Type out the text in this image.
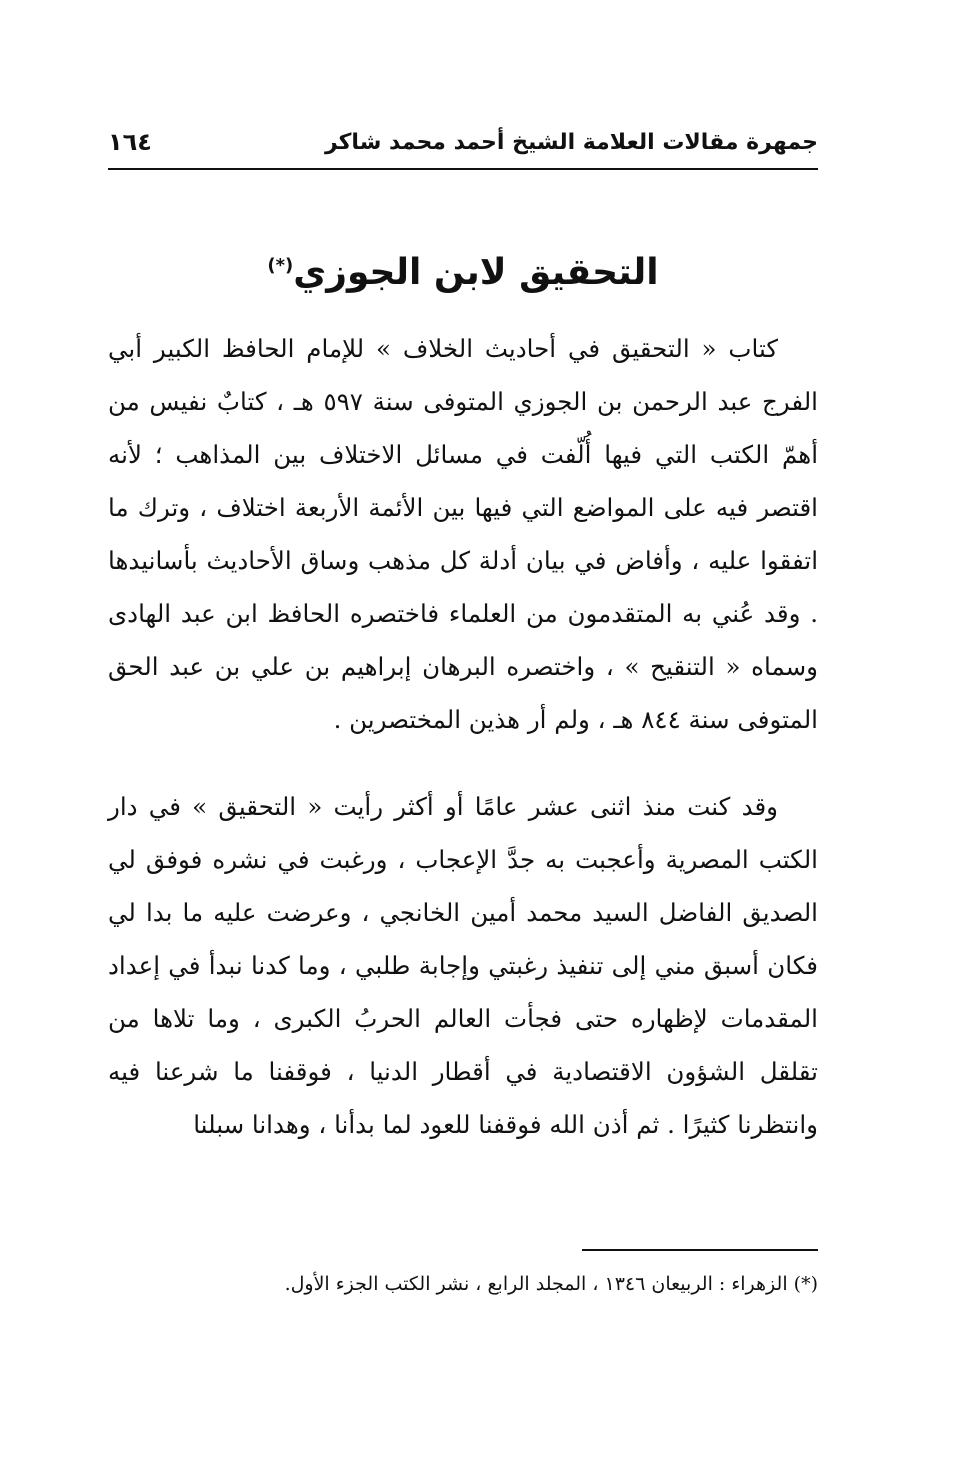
جمهرة مقالات العلامة الشيخ أحمد محمد شاكر
١٦٤
التحقيق لابن الجوزي(*)

كتاب « التحقيق في أحاديث الخلاف » للإمام الحافظ الكبير أبي الفرج عبد الرحمن بن الجوزي المتوفى سنة ٥٩٧ هـ ، كتابٌ نفيس من أهمّ الكتب التي فيها أُلّفت في مسائل الاختلاف بين المذاهب ؛ لأنه اقتصر فيه على المواضع التي فيها بين الأئمة الأربعة اختلاف ، وترك ما اتفقوا عليه ، وأفاض في بيان أدلة كل مذهب وساق الأحاديث بأسانيدها . وقد عُني به المتقدمون من العلماء فاختصره الحافظ ابن عبد الهادى وسماه « التنقيح » ، واختصره البرهان إبراهيم بن علي بن عبد الحق المتوفى سنة ٨٤٤ هـ ، ولم أر هذين المختصرين .

وقد كنت منذ اثنى عشر عامًا أو أكثر رأيت « التحقيق » في دار الكتب المصرية وأعجبت به جدَّ الإعجاب ، ورغبت في نشره فوفق لي الصديق الفاضل السيد محمد أمين الخانجي ، وعرضت عليه ما بدا لي فكان أسبق مني إلى تنفيذ رغبتي وإجابة طلبي ، وما كدنا نبدأ في إعداد المقدمات لإظهاره حتى فجأت العالم الحربُ الكبرى ، وما تلاها من تقلقل الشؤون الاقتصادية في أقطار الدنيا ، فوقفنا ما شرعنا فيه وانتظرنا كثيرًا . ثم أذن الله فوقفنا للعود لما بدأنا ، وهدانا سبلنا

(*) الزهراء : الربيعان ١٣٤٦ ، المجلد الرابع ، نشر الكتب الجزء الأول.
